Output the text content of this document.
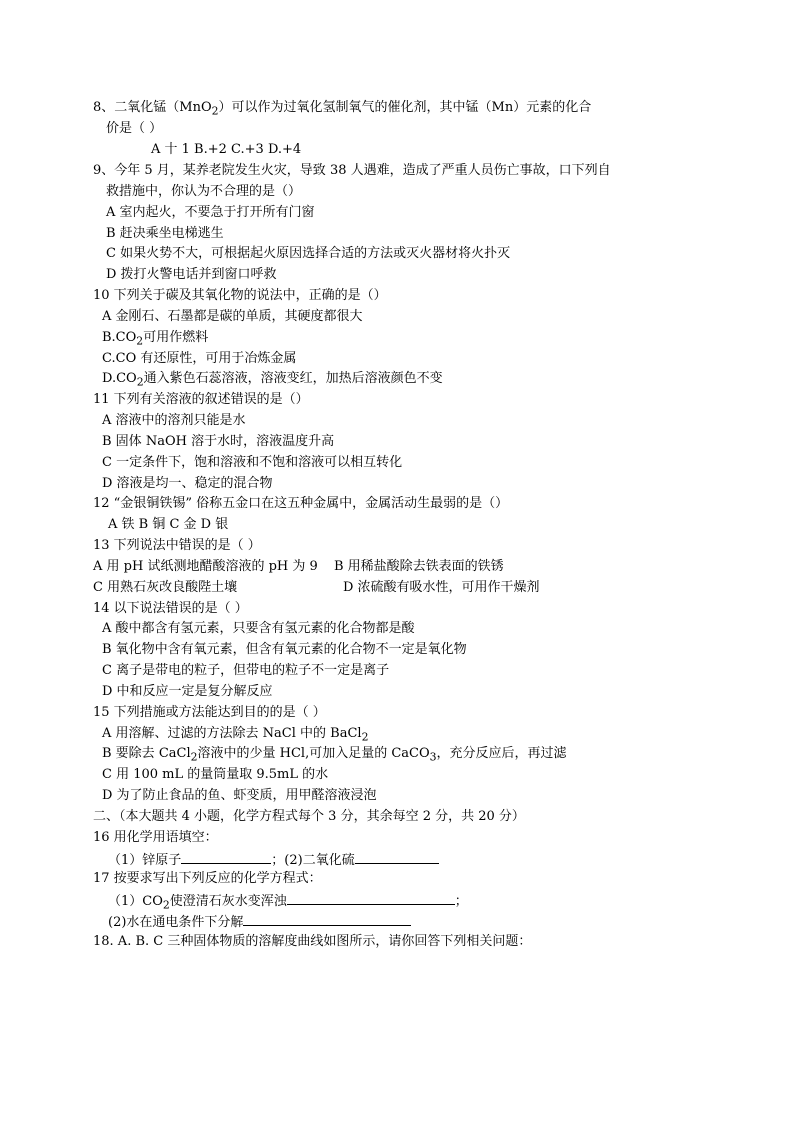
8、二氧化锰（MnO$_2$）可以作为过氧化氢制氧气的催化剂，其中锰（Mn）元素的化合
价是（ ）
A 十 1 B.+2 C.+3 D.+4
9、今年 5 月，某养老院发生火灾，导致 38 人遇难，造成了严重人员伤亡事故，口下列自
救措施中，你认为不合理的是（）
A 室内起火，不要急于打开所有门窗
B 赶决乘坐电梯逃生
C 如果火势不大，可根据起火原因选择合适的方法或灭火器材将火扑灭
D 拨打火警电话并到窗口呼救
10 下列关于碳及其氧化物的说法中，正确的是（）
A 金刚石、石墨都是碳的单质，其硬度都很大
$B.CO_2$可用作燃料
C.CO 有还原性，可用于冶炼金属
$D.CO_2$通入紫色石蕊溶液，溶液变红，加热后溶液颜色不变
11 下列有关溶液的叙述错误的是（）
A 溶液中的溶剂只能是水
B 固体 NaOH 溶于水时，溶液温度升高
C 一定条件下，饱和溶液和不饱和溶液可以相互转化
D 溶液是均一、稳定的混合物
12 “金银铜铁锡” 俗称五金口在这五种金属中，金属活动生最弱的是（）
A 铁 B 铜 C 金 D 银
13 下列说法中错误的是（ ）
A 用 pH 试纸测地醋酸溶液的 pH 为 9 B 用稀盐酸除去铁表面的铁锈
C 用熟石灰改良酸陛土壤	D 浓硫酸有吸水性，可用作干燥剂
14 以下说法错误的是（ ）
A 酸中都含有氢元素，只要含有氢元素的化合物都是酸
B 氧化物中含有氧元素，但含有氧元素的化合物不一定是氧化物
C 离子是带电的粒子，但带电的粒子不一定是离子
D 中和反应一定是复分解反应
15 下列措施或方法能达到目的的是（ ）
A 用溶解、过滤的方法除去 NaCl 中的 BaCl$_2$
B 要除去 CaCl$_2$溶液中的少量 HCl,可加入足量的 CaCO$_3$，充分反应后，再过滤
C 用 100 mL 的量筒量取 9.5mL 的水
D 为了防止食品的鱼、虾变质，用甲醛溶液浸泡
二、（本大题共 4 小题，化学方程式每个 3 分，其余每空 2 分，共 20 分）
16 用化学用语填空：
（1）锌原子	；(2)二氧化硫
17 按要求写出下列反应的化学方程式：
$(1)CO_2$使澄清石灰水变浑浊	；
(2)水在通电条件下分解
18. A. B. C 三种固体物质的溶解度曲线如图所示，请你回答下列相关问题：
